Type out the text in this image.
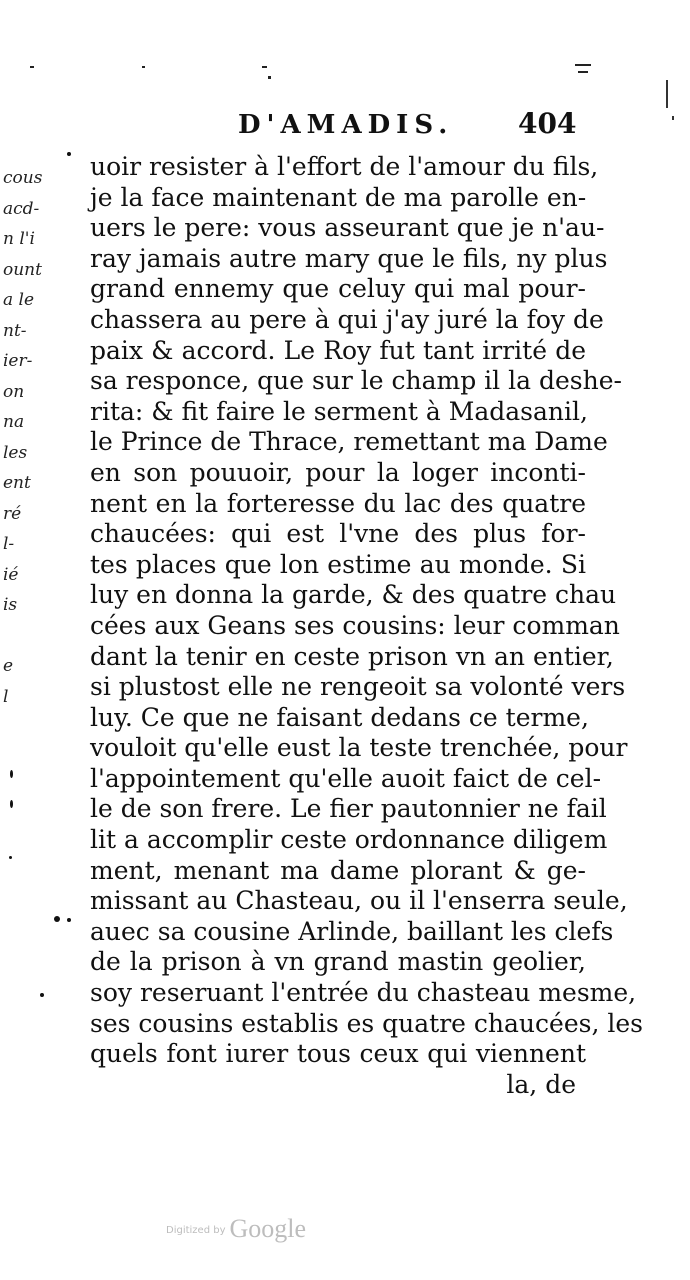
D'AMADIS. 404
cous
acd-
n l'i
ount
a le
nt-
ier-
on
na
les
ent
ré
l-
ié
is
e
l
uoir resister à l'effort de l'amour du fils,
je la face maintenant de ma parolle en-
uers le pere: vous asseurant que je n'au-
ray jamais autre mary que le fils, ny plus
grand ennemy que celuy qui mal pour-
chassera au pere à qui j'ay juré la foy de
paix & accord. Le Roy fut tant irrité de
sa responce, que sur le champ il la deshe-
rita: & fit faire le serment à Madasanil,
le Prince de Thrace, remettant ma Dame
en son pouuoir, pour la loger inconti-
nent en la forteresse du lac des quatre
chaucées: qui est l'vne des plus for-
tes places que lon estime au monde. Si
luy en donna la garde, & des quatre chau
cées aux Geans ses cousins: leur comman
dant la tenir en ceste prison vn an entier,
si plustost elle ne rengeoit sa volonté vers
luy. Ce que ne faisant dedans ce terme,
vouloit qu'elle eust la teste trenchée, pour
l'appointement qu'elle auoit faict de cel-
le de son frere. Le fier pautonnier ne fail
lit a accomplir ceste ordonnance diligem
ment, menant ma dame plorant & ge-
missant au Chasteau, ou il l'enserra seule,
auec sa cousine Arlinde, baillant les clefs
de la prison à vn grand mastin geolier,
soy reseruant l'entrée du chasteau mesme,
ses cousins establis es quatre chaucées, les
quels font iurer tous ceux qui viennent
la, de
$^{Digitized by}$ Google
